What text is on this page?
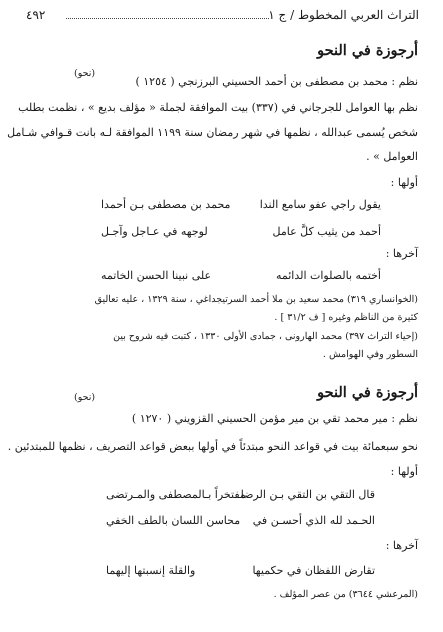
التراث العربي المخطوط / ج ١
٤٩٢
أرجوزة في النحو
(نحو)
نظم : محمد بن مصطفى بن أحمد الحسيني البرزنجي ( ١٢٥٤ )
نظم بها العوامل للجرجاني في (٣٣٧) بيت الموافقة لجملة « مؤلف بديع » ، نظمت بطلب
شخص يُسمى عبدالله ، نظمها في شهر رمضان سنة ١١٩٩ الموافقة لـه بانت قـوافي شـامل
العوامل » .
أولها :
يقول راجي عفو سامع الندا
محمد بن مصطفى بـن أحمدا
أحمد من يثيب كلَّ عامل
لوجهه في عـاجل وآجـل
آخرها :
أختمه بالصلوات الدائمه
على نبينا الحسن الخاتمه
(الخوانساري ٣١٩) محمد سعيد بن ملا أحمد السرتيجداغي ، سنة ١٣٢٩ ، عليه تعاليق
كثيرة من الناظم وغيره [ ف ٣١/٢ ] .
(إحياء التراث ٣٩٧) محمد الهارونى ، جمادى الأولى ١٣٣٠ ، كتبت فيه شروح بين
السطور وفي الهوامش .
أرجوزة في النحو
(نحو)
نظم : مير محمد تقي بن مير مؤمن الحسيني القزويني ( ١٢٧٠ )
نحو سبعمائة بيت في قواعد النحو مبتدئاً في أولها ببعض قواعد التصريف ، نظمها للمبتدئين .
أولها :
قال التقي بن التقي بـن الرضا
مفتخراً بـالمصطفى والمـرتضى
الحـمد لله الذي أحسـن في
محاسن اللسان بالطف الخفي
آخرها :
تقارض اللفظان في حكميها
والقلة إنسبتها إليهما
(المرعشي ٣٦٤٤) من عصر المؤلف .
